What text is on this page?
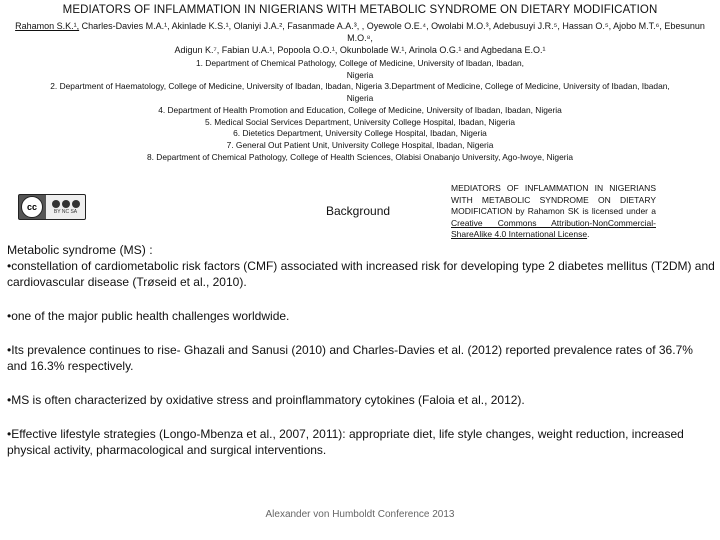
MEDIATORS OF INFLAMMATION IN NIGERIANS WITH METABOLIC SYNDROME ON DIETARY MODIFICATION
Rahamon S.K.¹, Charles-Davies M.A.¹, Akinlade K.S.¹, Olaniyi J.A.², Fasanmade A.A.³, , Oyewole O.E.⁴, Owolabi M.O.³, Adebusuyi J.R.⁵, Hassan O.⁵, Ajobo M.T.⁶, Ebesunun M.O.⁸,
Adigun K.⁷, Fabian U.A.¹, Popoola O.O.¹, Okunbolade W.¹, Arinola O.G.¹ and Agbedana E.O.¹
1. Department of Chemical Pathology, College of Medicine, University of Ibadan, Ibadan,
Nigeria
2. Department of Haematology, College of Medicine, University of Ibadan, Ibadan, Nigeria 3.Department of Medicine, College of Medicine, University of Ibadan, Ibadan,
Nigeria
4. Department of Health Promotion and Education, College of Medicine, University of Ibadan, Ibadan, Nigeria
5. Medical Social Services Department, University College Hospital, Ibadan, Nigeria
6. Dietetics Department, University College Hospital, Ibadan, Nigeria
7. General Out Patient Unit, University College Hospital, Ibadan, Nigeria
8. Department of Chemical Pathology, College of Health Sciences, Olabisi Onabanjo University, Ago-Iwoye, Nigeria
cc	BY NC SA	Background
MEDIATORS OF INFLAMMATION IN NIGERIANS WITH METABOLIC SYNDROME ON DIETARY MODIFICATION by Rahamon SK is licensed under a Creative Commons Attribution-NonCommercial-ShareAlike 4.0 International License.

Metabolic syndrome (MS) :

•constellation of cardiometabolic risk factors (CMF) associated with increased risk for developing type 2 diabetes mellitus (T2DM) and cardiovascular disease (Trøseid et al., 2010).

•one of the major public health challenges worldwide.

•Its prevalence continues to rise- Ghazali and Sanusi (2010) and Charles-Davies et al. (2012) reported prevalence rates of 36.7% and 16.3% respectively.

•MS is often characterized by oxidative stress and proinflammatory cytokines (Faloia et al., 2012).

•Effective lifestyle strategies (Longo-Mbenza et al., 2007, 2011): appropriate diet, life style changes, weight reduction, increased physical activity, pharmacological and surgical interventions.

Alexander von Humboldt Conference 2013
